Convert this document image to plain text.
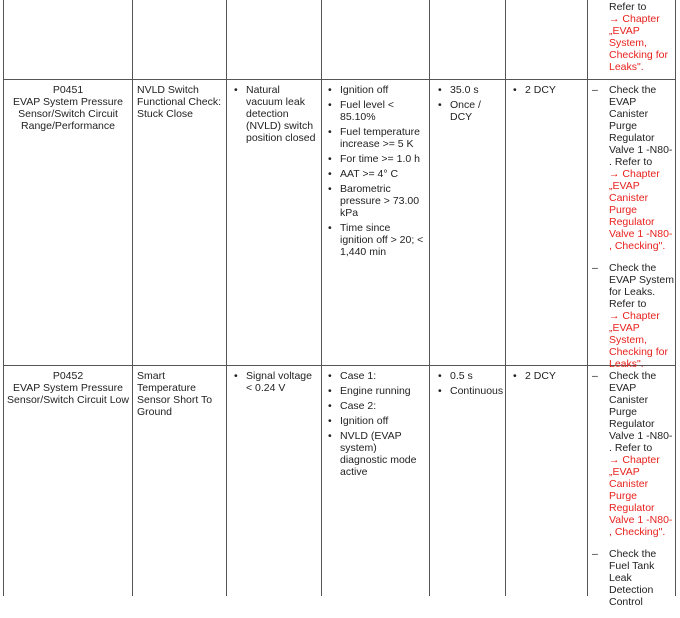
Refer to
→ Chapter
„EVAP
System,
Checking for
Leaks".
P0451
EVAP System Pressure
Sensor/Switch Circuit
Range/Performance
NVLD Switch
Functional Check:
Stuck Close
• Natural vacuum leak detection (NVLD) switch position closed
• Ignition off
• Fuel level < 85.10%
• Fuel temperature increase >= 5 K
• For time >= 1.0 h
• AAT >= 4° C
• Barometric pressure > 73.00 kPa
• Time since ignition off > 20; < 1,440 min
• 35.0 s
• Once / DCY
• 2 DCY	– Check the
EVAP
Canister
Purge
Regulator
Valve 1 -N80-
. Refer to
→ Chapter
„EVAP
Canister
Purge
Regulator
Valve 1 -N80-
, Checking".
– Check the
EVAP System
for Leaks.
Refer to
→ Chapter
„EVAP
System,
Checking for
Leaks".
P0452
EVAP System Pressure
Sensor/Switch Circuit Low
Smart Temperature
Sensor Short To
Ground
• Signal voltage < 0.24 V
• Case 1:
• Engine running
• Case 2:
• Ignition off
• NVLD (EVAP system) diagnostic mode active
• 0.5 s
• Continuous
• 2 DCY	– Check the
EVAP
Canister
Purge
Regulator
Valve 1 -N80-
. Refer to
→ Chapter
„EVAP
Canister
Purge
Regulator
Valve 1 -N80-
, Checking".
– Check the
Fuel Tank
Leak
Detection
Control
